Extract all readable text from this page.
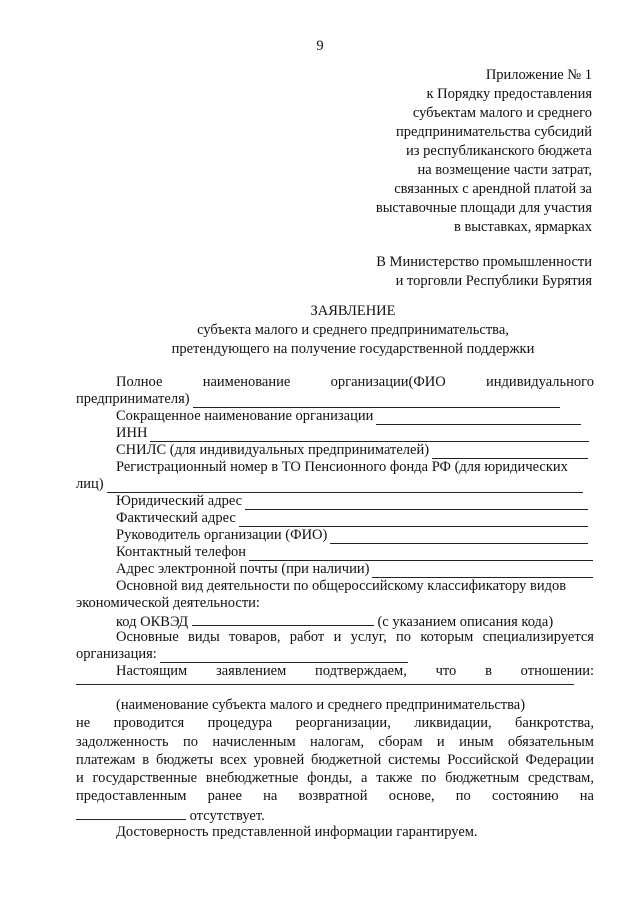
9
Приложение № 1
к Порядку предоставления
субъектам малого и среднего
предпринимательства субсидий
из республиканского бюджета
на возмещение части затрат,
связанных с арендной платой за
выставочные площади для участия
в выставках, ярмарках
В Министерство промышленности
и торговли Республики Бурятия
ЗАЯВЛЕНИЕ
субъекта малого и среднего предпринимательства,
претендующего на получение государственной поддержки
Полное	наименование	организации(ФИО	индивидуального
предпринимателя)
Сокращенное наименование организации
ИНН
СНИЛС (для индивидуальных предпринимателей)
Регистрационный номер в ТО Пенсионного фонда РФ (для юридических
лиц)
Юридический адрес
Фактический адрес
Руководитель организации (ФИО)
Контактный телефон
Адрес электронной почты (при наличии)
Основной вид деятельности по общероссийскому классификатору видов
экономической деятельности:
код ОКВЭД	(с указанием описания кода)
Основные виды товаров, работ и услуг, по которым специализируется
организация:
Настоящим заявлением подтверждаем, что в отношении:
(наименование субъекта малого и среднего предпринимательства)
не проводится процедура реорганизации, ликвидации, банкротства,
задолженность по начисленным налогам, сборам и иным обязательным
платежам в бюджеты всех уровней бюджетной системы Российской Федерации
и государственные внебюджетные фонды, а также по бюджетным средствам,
предоставленным ранее на возвратной основе, по состоянию на
отсутствует.
Достоверность представленной информации гарантируем.
